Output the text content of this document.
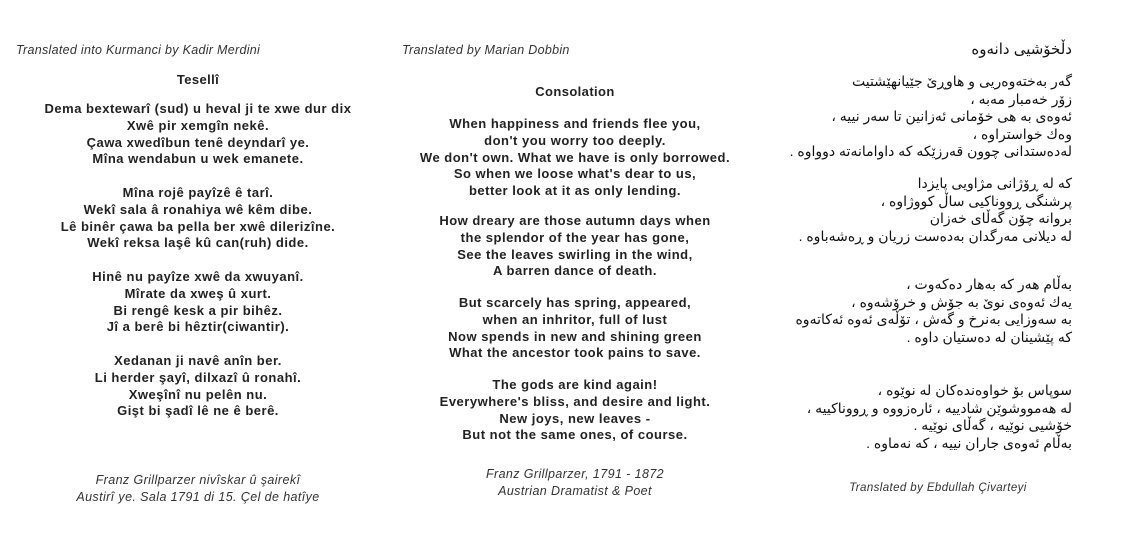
Translated into Kurmanci by Kadir Merdini
Tesellî
Dema bextewarî (sud) u heval ji te xwe dur dix
Xwê pir xemgîn nekê.
Çawa xwedîbun tenê deyndarî ye.
Mîna wendabun u wek emanete.
Mîna rojê payîzê ê tarî.
Wekî sala â ronahiya wê kêm dibe.
Lê binêr çawa ba pella ber xwê dilerizîne.
Wekî reksa laşê kû can(ruh) dide.
Hinê nu payîze xwê da xwuyanî.
Mîrate da xweş û xurt.
Bi rengê kesk a pir bihêz.
Jî a berê bi hêztir(ciwantir).
Xedanan ji navê anîn ber.
Li herder şayî, dilxazî û ronahî.
Xweşînî nu pelên nu.
Gişt bi şadî lê ne ê berê.
Franz Grillparzer nivîskar û şairekî
Austirî ye. Sala 1791 di 15. Çel de hatîye
Translated by Marian Dobbin
Consolation
When happiness and friends flee you,
don't you worry too deeply.
We don't own. What we have is only borrowed.
So when we loose what's dear to us,
better look at it as only lending.
How dreary are those autumn days when
the splendor of the year has gone,
See the leaves swirling in the wind,
A barren dance of death.
But scarcely has spring, appeared,
when an inhritor, full of lust
Now spends in new and shining green
What the ancestor took pains to save.
The gods are kind again!
Everywhere's bliss, and desire and light.
New joys, new leaves -
But not the same ones, of course.
Franz Grillparzer, 1791 - 1872
Austrian Dramatist & Poet
دڵخۆشیی دانەوە
گەر بەختەوەریی و هاوڕێ جێیانهێشتیت
زۆر خەمبار مەبە ،
ئەوەی بە هی خۆمانی ئەزانین تا سەر نییە ،
وەك خواستراوە ،
لەدەستدانی چوون قەرزێکە کە داوامانەتە دوواوە .
کە لە ڕۆژانی مژاویی پایزدا
پرشنگی ڕووناکیی ساڵ کووژاوە ،
بروانە چۆن گەڵای خەزان
لە دیلانی مەرگدان بەدەست زریان و ڕەشەباوە .
بەڵام هەر کە بەهار دەکەوت ،
یەك ئەوەی نوێ بە جۆش و خرۆشەوە ،
بە سەوزایی بەنرخ و گەش ، تۆڵەی ئەوە ئەکاتەوە
کە پێشینان لە دەستیان داوە .
سوپاس بۆ خواوەندەکان لە نوێوە ،
لە هەمووشوێن شادییە ، ئارەزووە و ڕووناکییە ،
خۆشیی نوێیە ، گەڵای نوێیە .
بەڵام ئەوەی جاران نییە ، کە نەماوە .
Translated by Ebdullah Çivarteyi
